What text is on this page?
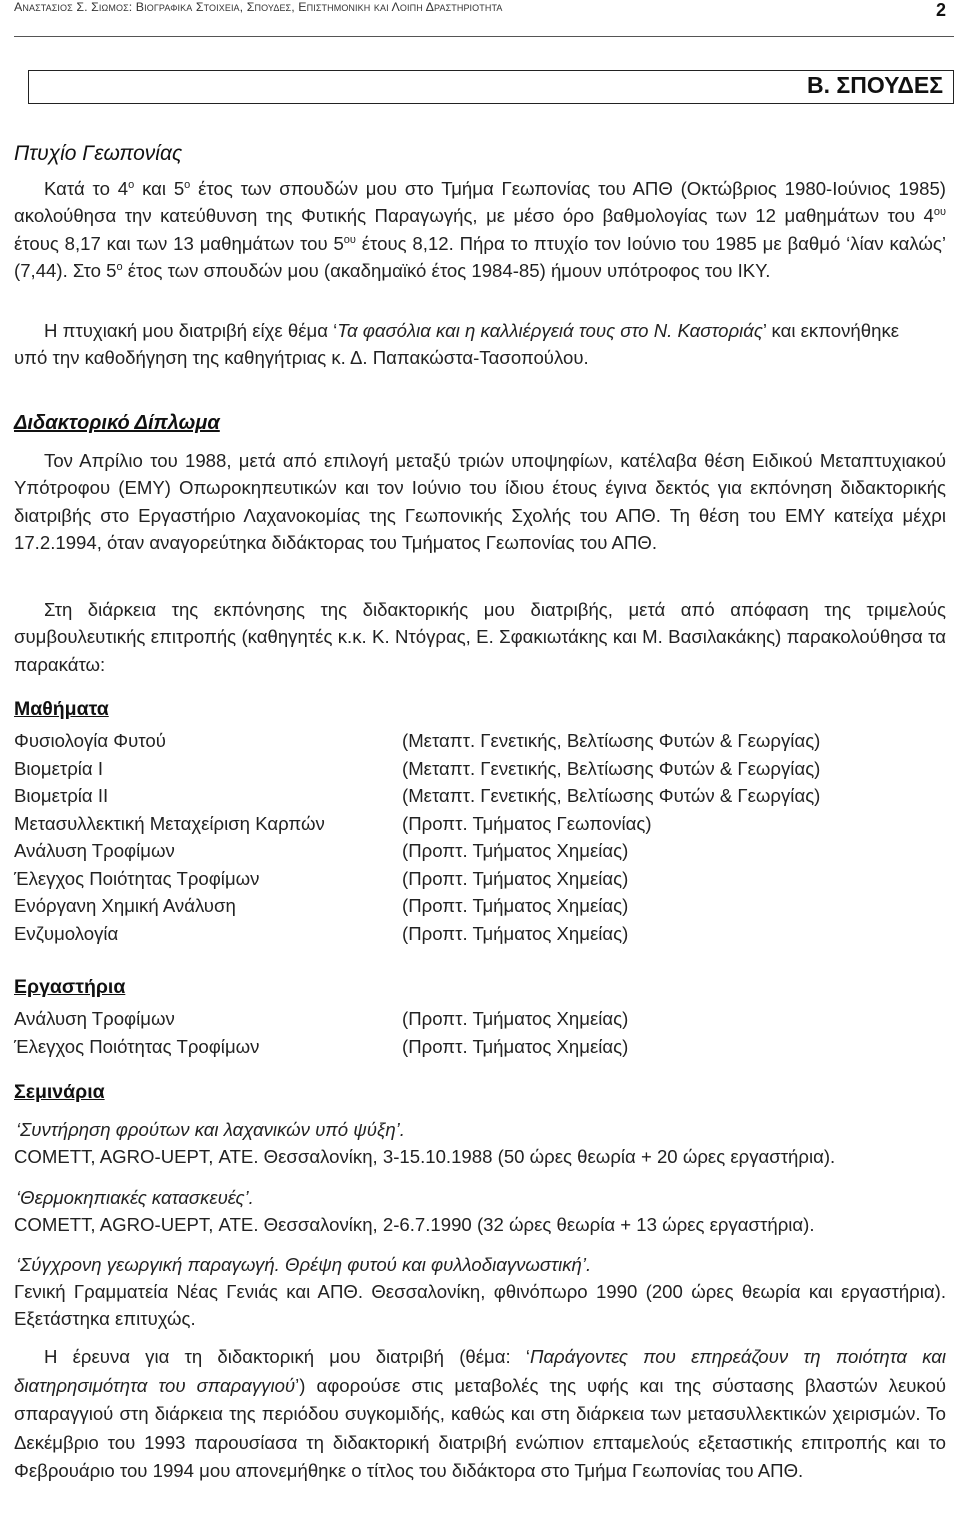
Αναστασιος Σ. Σιωμος: Βιογραφικα Στοιχεια, Σπουδες, Επιστημονικη και Λοιπη Δραστηριοτητα	2
Β. ΣΠΟΥΔΕΣ
Πτυχίο Γεωπονίας
Κατά το $4^o$ και $5^o$ έτος των σπουδών μου στο Τμήμα Γεωπονίας του ΑΠΘ (Οκτώβριος 1980-Ιούνιος 1985) ακολούθησα την κατεύθυνση της Φυτικής Παραγωγής, με μέσο όρο βαθμολογίας των 12 μαθημάτων του $4^{o\upsilon}$ έτους 8,17 και των 13 μαθημάτων του $5^{o\upsilon}$ έτους 8,12. Πήρα το πτυχίο τον Ιούνιο του 1985 με βαθμό ‘λίαν καλώς’ (7,44). Στο $5^o$ έτος των σπουδών μου (ακαδημαϊκό έτος 1984-85) ήμουν υπότροφος του ΙΚΥ.
Η πτυχιακή μου διατριβή είχε θέμα ‘Τα φασόλια και η καλλιέργειά τους στο Ν. Καστοριάς’ και εκπονήθηκε υπό την καθοδήγηση της καθηγήτριας κ. Δ. Παπακώστα-Τασοπούλου.
Διδακτορικό Δίπλωμα
Τον Απρίλιο του 1988, μετά από επιλογή μεταξύ τριών υποψηφίων, κατέλαβα θέση Ειδικού Μεταπτυχιακού Υπότροφου (ΕΜΥ) Οπωροκηπευτικών και τον Ιούνιο του ίδιου έτους έγινα δεκτός για εκπόνηση διδακτορικής διατριβής στο Εργαστήριο Λαχανοκομίας της Γεωπονικής Σχολής του ΑΠΘ. Τη θέση του ΕΜΥ κατείχα μέχρι 17.2.1994, όταν αναγορεύτηκα διδάκτορας του Τμήματος Γεωπονίας του ΑΠΘ.
Στη διάρκεια της εκπόνησης της διδακτορικής μου διατριβής, μετά από απόφαση της τριμελούς συμβουλευτικής επιτροπής (καθηγητές κ.κ. Κ. Ντόγρας, Ε. Σφακιωτάκης και Μ. Βασιλακάκης) παρακολούθησα τα παρακάτω:
Μαθήματα
Φυσιολογία Φυτού	(Μεταπτ. Γενετικής, Βελτίωσης Φυτών & Γεωργίας)
Βιομετρία Ι	(Μεταπτ. Γενετικής, Βελτίωσης Φυτών & Γεωργίας)
Βιομετρία ΙΙ	(Μεταπτ. Γενετικής, Βελτίωσης Φυτών & Γεωργίας)
Μετασυλλεκτική Μεταχείριση Καρπών	(Προπτ. Τμήματος Γεωπονίας)
Ανάλυση Τροφίμων	(Προπτ. Τμήματος Χημείας)
Έλεγχος Ποιότητας Τροφίμων	(Προπτ. Τμήματος Χημείας)
Ενόργανη Χημική Ανάλυση	(Προπτ. Τμήματος Χημείας)
Ενζυμολογία	(Προπτ. Τμήματος Χημείας)
Εργαστήρια
Ανάλυση Τροφίμων	(Προπτ. Τμήματος Χημείας)
Έλεγχος Ποιότητας Τροφίμων	(Προπτ. Τμήματος Χημείας)
Σεμινάρια
‘Συντήρηση φρούτων και λαχανικών υπό ψύξη’.
COMETT, AGRO-UEPT, ΑΤΕ. Θεσσαλονίκη, 3-15.10.1988 (50 ώρες θεωρία + 20 ώρες εργαστήρια).
‘Θερμοκηπιακές κατασκευές’.
COMETT, AGRO-UEPT, ΑΤΕ. Θεσσαλονίκη, 2-6.7.1990 (32 ώρες θεωρία + 13 ώρες εργαστήρια).
‘Σύγχρονη γεωργική παραγωγή. Θρέψη φυτού και φυλλοδιαγνωστική’.
Γενική Γραμματεία Νέας Γενιάς και ΑΠΘ. Θεσσαλονίκη, φθινόπωρο 1990 (200 ώρες θεωρία και εργαστήρια). Εξετάστηκα επιτυχώς.
Η έρευνα για τη διδακτορική μου διατριβή (θέμα: ‘Παράγοντες που επηρεάζουν τη ποιότητα και διατηρησιμότητα του σπαραγγιού’) αφορούσε στις μεταβολές της υφής και της σύστασης βλαστών λευκού σπαραγγιού στη διάρκεια της περιόδου συγκομιδής, καθώς και στη διάρκεια των μετασυλλεκτικών χειρισμών. Το Δεκέμβριο του 1993 παρουσίασα τη διδακτορική διατριβή ενώπιον επταμελούς εξεταστικής επιτροπής και το Φεβρουάριο του 1994 μου απονεμήθηκε ο τίτλος του διδάκτορα στο Τμήμα Γεωπονίας του ΑΠΘ.
